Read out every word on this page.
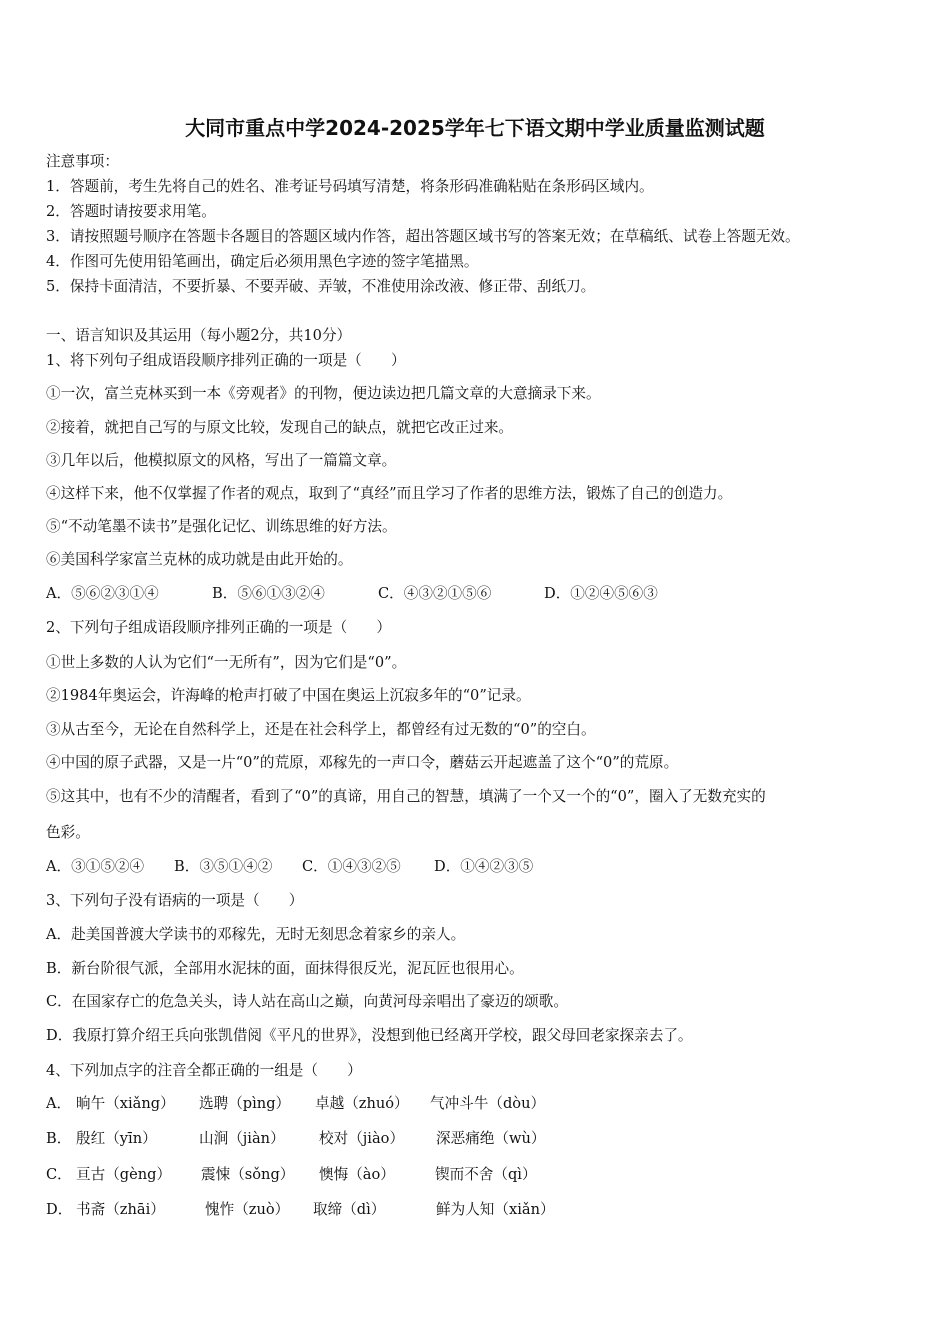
大同市重点中学2024-2025学年七下语文期中学业质量监测试题
注意事项：
1．答题前，考生先将自己的姓名、准考证号码填写清楚，将条形码准确粘贴在条形码区域内。
2．答题时请按要求用笔。
3．请按照题号顺序在答题卡各题目的答题区域内作答，超出答题区域书写的答案无效；在草稿纸、试卷上答题无效。
4．作图可先使用铅笔画出，确定后必须用黑色字迹的签字笔描黑。
5．保持卡面清洁，不要折暴、不要弄破、弄皱，不准使用涂改液、修正带、刮纸刀。
一、语言知识及其运用（每小题2分，共10分）
1、将下列句子组成语段顺序排列正确的一项是（　　）
①一次，富兰克林买到一本《旁观者》的刊物，便边读边把几篇文章的大意摘录下来。
②接着，就把自己写的与原文比较，发现自己的缺点，就把它改正过来。
③几年以后，他模拟原文的风格，写出了一篇篇文章。
④这样下来，他不仅掌握了作者的观点，取到了“真经”而且学习了作者的思维方法，锻炼了自己的创造力。
⑤“不动笔墨不读书”是强化记忆、训练思维的好方法。
⑥美国科学家富兰克林的成功就是由此开始的。
A．⑤⑥②③①④	B．⑤⑥①③②④	C．④③②①⑤⑥	D．①②④⑤⑥③
2、下列句子组成语段顺序排列正确的一项是（　　）
①世上多数的人认为它们“一无所有”，因为它们是“0”。
②1984年奥运会，许海峰的枪声打破了中国在奥运上沉寂多年的“0”记录。
③从古至今，无论在自然科学上，还是在社会科学上，都曾经有过无数的“0”的空白。
④中国的原子武器，又是一片“0”的荒原，邓稼先的一声口令，蘑菇云开起遮盖了这个“0”的荒原。
⑤这其中，也有不少的清醒者，看到了“0”的真谛，用自己的智慧，填满了一个又一个的“0”，圈入了无数充实的
色彩。
A．③①⑤②④ B．③⑤①④② C．①④③②⑤ D．①④②③⑤
3、下列句子没有语病的一项是（　　）
A．赴美国普渡大学读书的邓稼先，无时无刻思念着家乡的亲人。
B．新台阶很气派，全部用水泥抹的面，面抹得很反光，泥瓦匠也很用心。
C．在国家存亡的危急关头，诗人站在高山之巅，向黄河母亲唱出了豪迈的颂歌。
D．我原打算介绍王兵向张凯借阅《平凡的世界》，没想到他已经离开学校，跟父母回老家探亲去了。
4、下列加点字的注音全都正确的一组是（　　）
A． 晌午（xiǎng） 选聘（pìng） 卓越（zhuó） 气冲斗牛（dòu）
B． 殷红（yīn）	山涧（jiàn） 校对（jiào） 深恶痛绝（wù）
C． 亘古（gèng） 震悚（sǒng） 懊悔（ào）	锲而不舍（qì）
D． 书斋（zhāi）	愧怍（zuò） 取缔（dì）	鲜为人知（xiǎn）
